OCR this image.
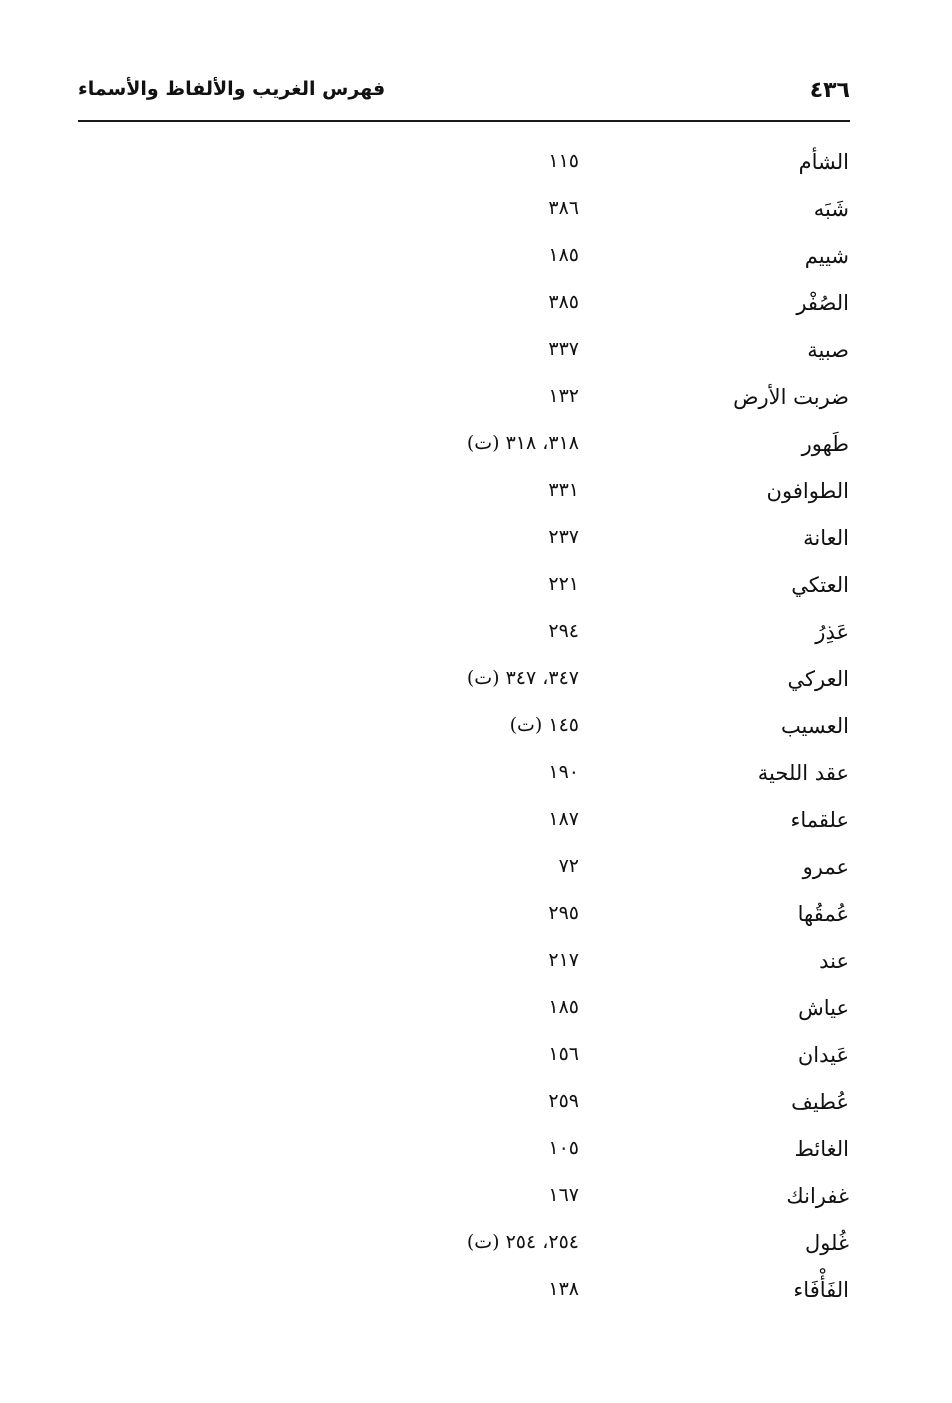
٤٣٦
فهرس الغريب والألفاظ والأسماء
الشأم
١١٥
شَبَه
٣٨٦
شييم
١٨٥
الصُفْر
٣٨٥
صبية
٣٣٧
ضربت الأرض
١٣٢
طَهور
٣١٨، ٣١٨ (ت)
الطوافون
٣٣١
العانة
٢٣٧
العتكي
٢٢١
عَذِرُ
٢٩٤
العركي
٣٤٧، ٣٤٧ (ت)
العسيب
١٤٥ (ت)
عقد اللحية
١٩٠
علقماء
١٨٧
عمرو
٧٢
عُمقُها
٢٩٥
عند
٢١٧
عياش
١٨٥
عَيدان
١٥٦
عُطيف
٢٥٩
الغائط
١٠٥
غفرانك
١٦٧
غُلول
٢٥٤، ٢٥٤ (ت)
الفَأْفَاء
١٣٨
